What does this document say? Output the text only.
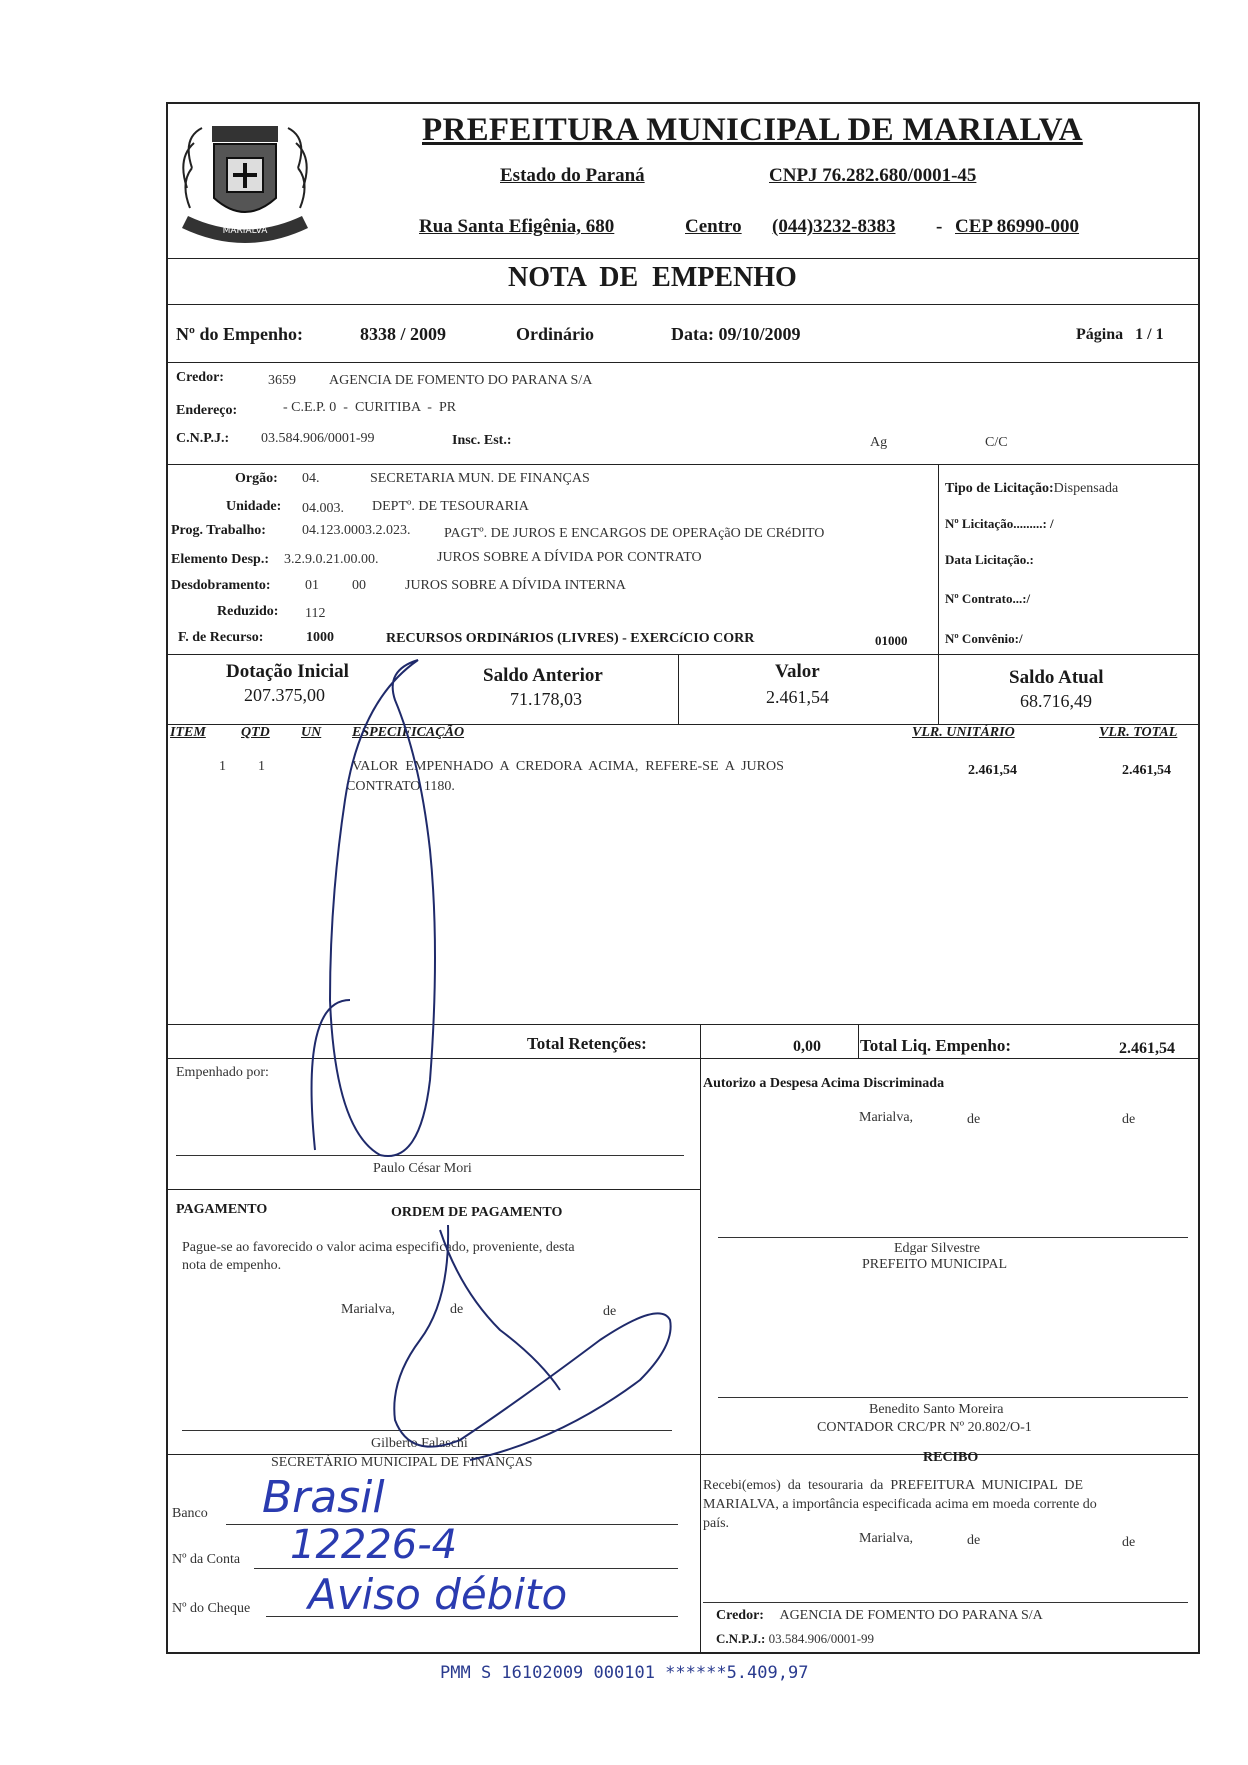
MARIALVA
PREFEITURA MUNICIPAL DE MARIALVA
Estado do Paraná	CNPJ 76.282.680/0001-45
Rua Santa Efigênia, 680	Centro (044)3232-8383 - CEP 86990-000
NOTA  DE  EMPENHO
Nº do Empenho:	8338 / 2009	Ordinário	Data: 09/10/2009	Página   1 / 1
Credor:	3659 AGENCIA DE FOMENTO DO PARANA S/A
Endereço:	- C.E.P. 0  -  CURITIBA  -  PR
C.N.P.J.: 03.584.906/0001-99	Insc. Est.:	Ag	C/C
Orgão: 04.	SECRETARIA MUN. DE FINANÇAS
Unidade: 04.003. DEPTº. DE TESOURARIA
Prog. Trabalho:	04.123.0003.2.023. PAGTº. DE JUROS E ENCARGOS DE OPERAçãO DE CRéDITO
Elemento Desp.: 3.2.9.0.21.00.00.	JUROS SOBRE A DÍVIDA POR CONTRATO
Desdobramento: 01 00	JUROS SOBRE A DÍVIDA INTERNA
Reduzido: 112
F. de Recurso:	1000	RECURSOS ORDINáRIOS (LIVRES) - EXERCíCIO CORR	01000
Tipo de Licitação:Dispensada
Nº Licitação.........: /
Data Licitação.:
Nº Contrato...:/
Nº Convênio:/
Dotação Inicial
207.375,00
Saldo Anterior
71.178,03
Valor
2.461,54
Saldo Atual
68.716,49
ITEM	QTD UN ESPECIFICAÇÃO	VLR. UNITÁRIO	VLR. TOTAL
1 1	VALOR  EMPENHADO  A  CREDORA  ACIMA,  REFERE-SE  A  JUROS
CONTRATO 1180.
2.461,54	2.461,54
Total Retenções:	0,00 Total Liq. Empenho:	2.461,54
Empenhado por:
Paulo César Mori
Autorizo a Despesa Acima Discriminada
Marialva,	de	de
Edgar Silvestre
PREFEITO MUNICIPAL
Benedito Santo Moreira
CONTADOR CRC/PR Nº 20.802/O-1
PAGAMENTO	ORDEM DE PAGAMENTO
Pague-se ao favorecido o valor acima especificado, proveniente, desta
nota de empenho.
Marialva,	de	de
Gilberto Falaschi
SECRETÁRIO MUNICIPAL DE FINANÇAS
Banco Brasil
Nº da Conta 12226-4
Nº do Cheque Aviso débito
RECIBO
Recebi(emos)  da  tesouraria  da  PREFEITURA  MUNICIPAL  DE
MARIALVA, a importância especificada acima em moeda corrente do
país.
Marialva,	de	de
Credor: AGENCIA DE FOMENTO DO PARANA S/A
C.N.P.J.: 03.584.906/0001-99
PMM S 16102009 000101 ******5.409,97
